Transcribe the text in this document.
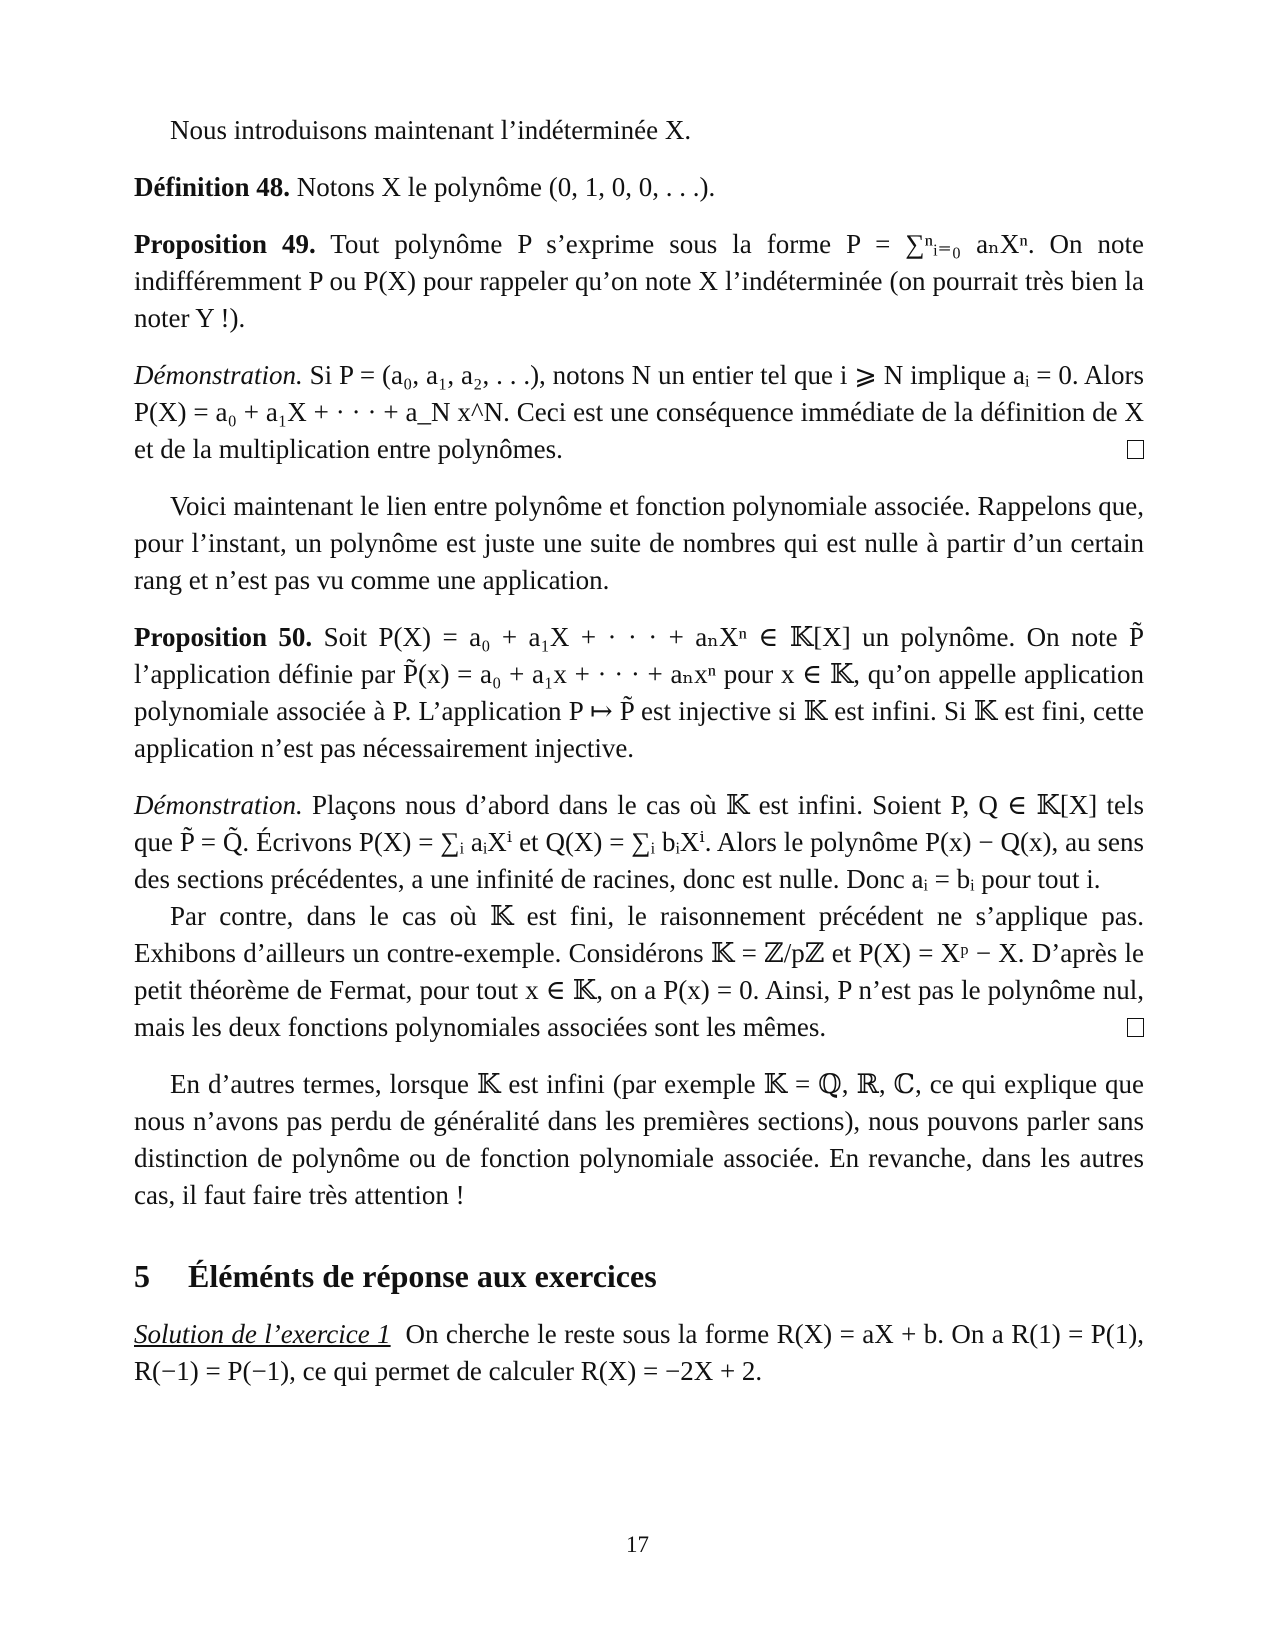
Nous introduisons maintenant l’indéterminée X.

Définition 48. Notons X le polynôme (0, 1, 0, 0, . . .).

Proposition 49. Tout polynôme P s’exprime sous la forme P = ∑ⁿᵢ₌₀ aₙXⁿ. On note indifféremment P ou P(X) pour rappeler qu’on note X l’indéterminée (on pourrait très bien la noter Y !).

Démonstration. Si P = (a₀, a₁, a₂, . . .), notons N un entier tel que i ⩾ N implique aᵢ = 0. Alors P(X) = a₀ + a₁X + · · · + a_N x^N. Ceci est une conséquence immédiate de la définition de X et de la multiplication entre polynômes.

Voici maintenant le lien entre polynôme et fonction polynomiale associée. Rappelons que, pour l’instant, un polynôme est juste une suite de nombres qui est nulle à partir d’un certain rang et n’est pas vu comme une application.

Proposition 50. Soit P(X) = a₀ + a₁X + · · · + aₙXⁿ ∈ 𝕂[X] un polynôme. On note P̃ l’application définie par P̃(x) = a₀ + a₁x + · · · + aₙxⁿ pour x ∈ 𝕂, qu’on appelle application polynomiale associée à P. L’application P ↦ P̃ est injective si 𝕂 est infini. Si 𝕂 est fini, cette application n’est pas nécessairement injective.

Démonstration. Plaçons nous d’abord dans le cas où 𝕂 est infini. Soient P, Q ∈ 𝕂[X] tels que P̃ = Q̃. Écrivons P(X) = ∑ᵢ aᵢXⁱ et Q(X) = ∑ᵢ bᵢXⁱ. Alors le polynôme P(x) − Q(x), au sens des sections précédentes, a une infinité de racines, donc est nulle. Donc aᵢ = bᵢ pour tout i.

Par contre, dans le cas où 𝕂 est fini, le raisonnement précédent ne s’applique pas. Exhibons d’ailleurs un contre-exemple. Considérons 𝕂 = ℤ/pℤ et P(X) = Xᵖ − X. D’après le petit théorème de Fermat, pour tout x ∈ 𝕂, on a P(x) = 0. Ainsi, P n’est pas le polynôme nul, mais les deux fonctions polynomiales associées sont les mêmes.

En d’autres termes, lorsque 𝕂 est infini (par exemple 𝕂 = ℚ, ℝ, ℂ, ce qui explique que nous n’avons pas perdu de généralité dans les premières sections), nous pouvons parler sans distinction de polynôme ou de fonction polynomiale associée. En revanche, dans les autres cas, il faut faire très attention !

5 Éléménts de réponse aux exercices

Solution de l’exercice 1 On cherche le reste sous la forme R(X) = aX + b. On a R(1) = P(1), R(−1) = P(−1), ce qui permet de calculer R(X) = −2X + 2.

17
